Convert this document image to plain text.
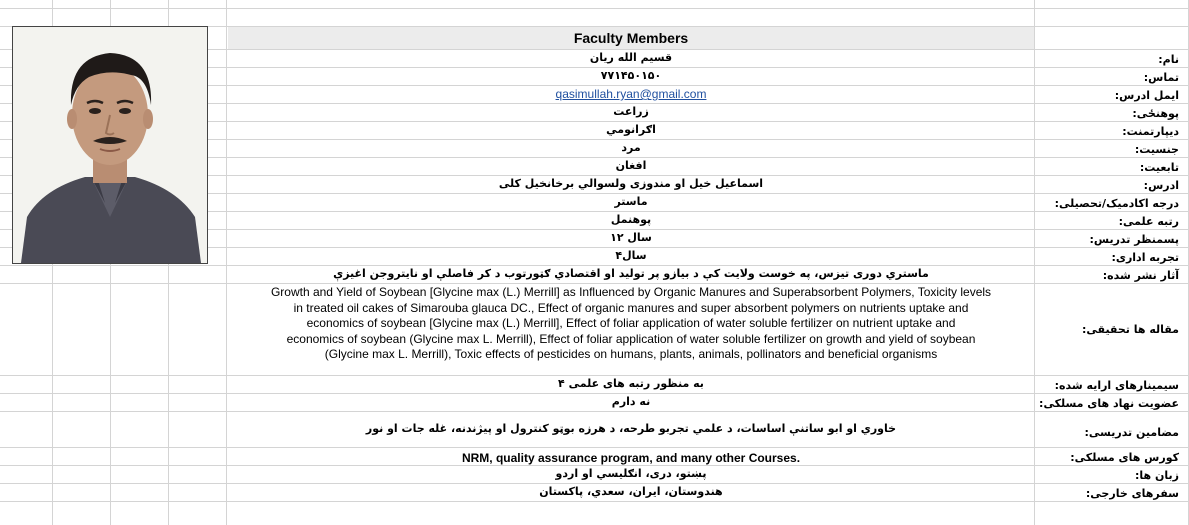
Faculty Members
قسیم الله ریان
۷۷۱۴۵۰۱۵۰
qasimullah.ryan@gmail.com
زراعت
اګرانومي
مرد
افغان
اسماعیل خیل او مندوزی ولسوالي برخانخیل کلی
ماستر
پوهنمل
۱۲ سال
۴سال
ماستري دوری تیزس، په خوست ولایت کې د بیازو پر تولید او اقتصادي ګټورتوب د کر فاصلې او نایتروجن اغیزې
Growth and Yield of Soybean [Glycine max (L.) Merrill] as Influenced by Organic Manures and Superabsorbent Polymers, Toxicity levels
in treated oil cakes of Simarouba glauca DC., Effect of organic manures and super absorbent polymers on nutrients uptake and
economics of soybean [Glycine max (L.) Merrill], Effect of foliar application of water soluble fertilizer on nutrient uptake and
economics of soybean (Glycine max L. Merrill), Effect of foliar application of water soluble fertilizer on growth and yield of soybean
(Glycine max L. Merrill), Toxic effects of pesticides on humans, plants, animals, pollinators and beneficial organisms
به منظور رتبه های علمی ۴
نه دارم
خاوري او ابو ساتنې اساسات، د علمي تجربو طرحه، د هرزه بوټو کنترول او پیژندنه، غله جات او نور
NRM, quality assurance program, and many other Courses.
پښتو، دری، انګلیسي او اردو
هندوستان، ایران، سعدي، پاکستان
نام:
تماس:
ایمل ادرس:
پوهنځی:
دیپارتمنت:
جنسیت:
تابعیت:
ادرس:
درجه اکادمیک/تحصیلی:
رتبه علمی:
پسمنظر تدریس:
تجربه اداری:
آثار نشر شده:
مقاله ها تحقیقی:
سیمینارهای ارایه شده:
عضویت نهاد های مسلکی:
مضامین تدریسی:
کورس های مسلکی:
زبان ها:
سفرهای خارجی:
